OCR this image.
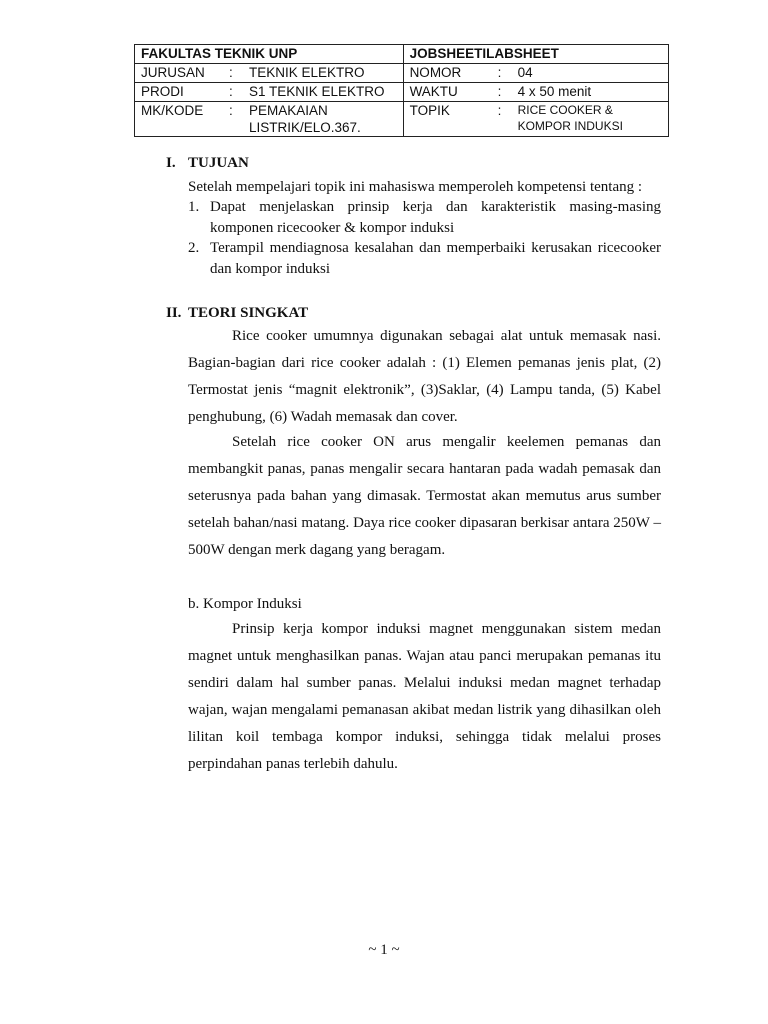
FAKULTAS TEKNIK UNP	JOBSHEETILABSHEET

JURUSAN : TEKNIK ELEKTRO	NOMOR : 04

PRODI : S1 TEKNIK ELEKTRO	WAKTU : 4 x 50 menit

MK/KODE : PEMAKAIAN LISTRIK/ELO.367.	TOPIK : RICE COOKER & KOMPOR INDUKSI
I. TUJUAN
Setelah mempelajari topik ini mahasiswa memperoleh kompetensi tentang :
1. Dapat menjelaskan prinsip kerja dan karakteristik masing-masing komponen ricecooker & kompor induksi
2. Terampil mendiagnosa kesalahan dan memperbaiki kerusakan ricecooker dan kompor induksi
II. TEORI SINGKAT
Rice cooker umumnya digunakan sebagai alat untuk memasak nasi. Bagian-bagian dari rice cooker adalah : (1) Elemen pemanas jenis plat, (2) Termostat jenis “magnit elektronik”, (3)Saklar, (4) Lampu tanda, (5) Kabel penghubung, (6) Wadah memasak dan cover.
Setelah rice cooker ON arus mengalir keelemen pemanas dan membangkit panas, panas mengalir secara hantaran pada wadah pemasak dan seterusnya pada bahan yang dimasak. Termostat akan memutus arus sumber setelah bahan/nasi matang. Daya rice cooker dipasaran berkisar antara 250W – 500W dengan merk dagang yang beragam.
b. Kompor Induksi
Prinsip kerja kompor induksi magnet menggunakan sistem medan magnet untuk menghasilkan panas. Wajan atau panci merupakan pemanas itu sendiri dalam hal sumber panas. Melalui induksi medan magnet terhadap wajan, wajan mengalami pemanasan akibat medan listrik yang dihasilkan oleh lilitan koil tembaga kompor induksi, sehingga tidak melalui proses perpindahan panas terlebih dahulu.
~ 1 ~
